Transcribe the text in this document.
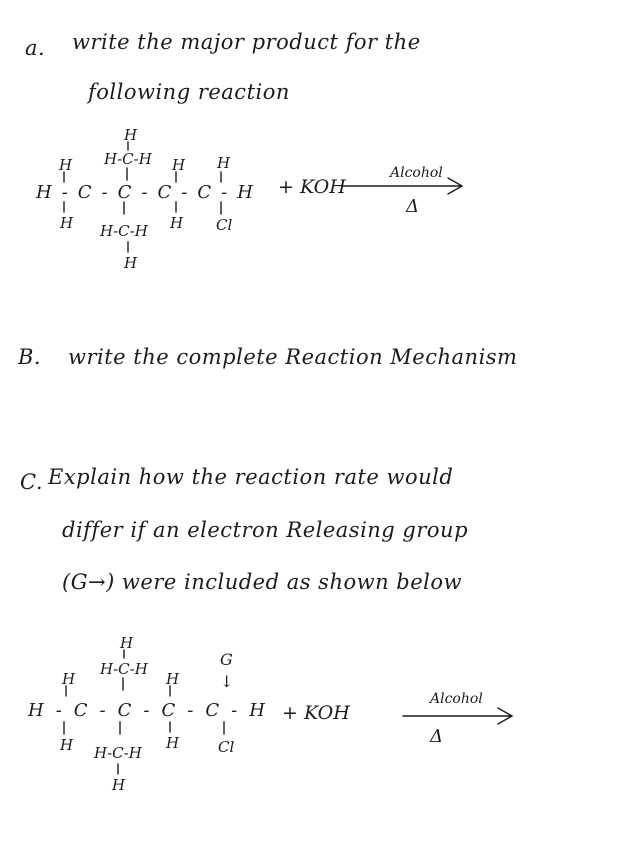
a. write the major product for the
following reaction
H
H-C-H
H	H H
H-C-C-C-C-H
H H-C-H H Cl
H
+ KOH
Alcohol
Δ
B. write the complete Reaction Mechanism
C. Explain how the reaction rate would
differ if an electron Releasing group
(G→) were included as shown below
H
H-C-H
H	H
G
↓
H-C-C-C-C-H
H H-C-H
H	Cl
H
+ KOH
Alcohol
Δ
